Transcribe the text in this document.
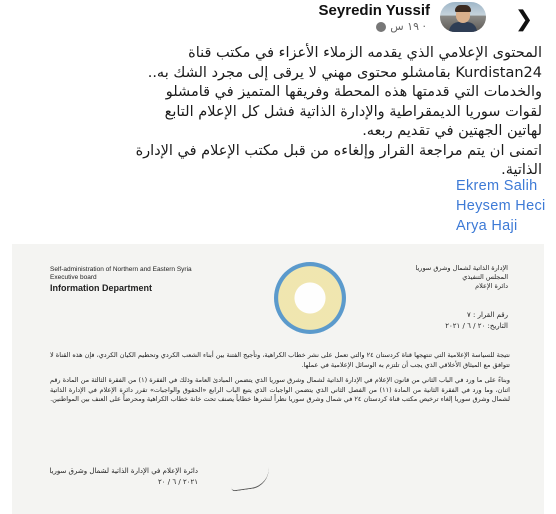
❯
Seyredin Yussif
١٩ س ·

المحتوى الإعلامي الذي يقدمه الزملاء الأعزاء في مكتب قناة

Kurdistan24 بقامشلو محتوى مهني لا يرقى إلى مجرد الشك به..

والخدمات التي قدمتها هذه المحطة وفريقها المتميز في قامشلو

لقوات سوريا الديمقراطية والإدارة الذاتية فشل كل الإعلام التابع

لهاتين الجهتين في تقديم ربعه.

اتمنى ان يتم مراجعة القرار وإلغاءه من قبل مكتب الإعلام في الإدارة

الذاتية.

Ekrem Salih
Heysem Heci
Arya Haji
Self-administration of Northern and Eastern Syria
Executive board
Information Department
الإدارة الذاتية لشمال وشرق سوريا
المجلس التنفيذي
دائرة الإعلام
رقم القرار : ٧
التاريخ: ٢٠ / ٦ / ٢٠٢١

نتيجة للسياسة الإعلامية التي تنتهجها قناة كردستان ٢٤ والتي تعمل على نشر خطاب الكراهية، وتأجيج الفتنة بين أبناء الشعب الكردي وتحطيم الكيان الكردي، فإن هذه القناة لا تتوافق مع الميثاق الأخلاقي الذي يجب أن تلتزم به الوسائل الإعلامية في عملها.

وبناءً على ما ورد في الباب الثاني من قانون الإعلام في الإدارة الذاتية لشمال وشرق سوريا الذي يتضمن المبادئ العامة وذلك في الفقرة (١) من الفقرة الثالثة من المادة رقم اثنان، وما ورد في الفقرة الثانية من المادة (١١) من الفصل الثاني الذي يتضمن الواجبات الذي يتبع الباب الرابع «الحقوق والواجبات» تقرر دائرة الإعلام في الإدارة الذاتية لشمال وشرق سوريا إلغاء ترخيص مكتب قناة كردستان ٢٤ في شمال وشرق سوريا نظراً لنشرها خطاباً يصنف تحت خانة خطاب الكراهية ومحرضاً على العنف بين المواطنين.

دائرة الإعلام في الإدارة الذاتية لشمال وشرق سوريا
٢٠٢١ / ٦ / ٢٠
